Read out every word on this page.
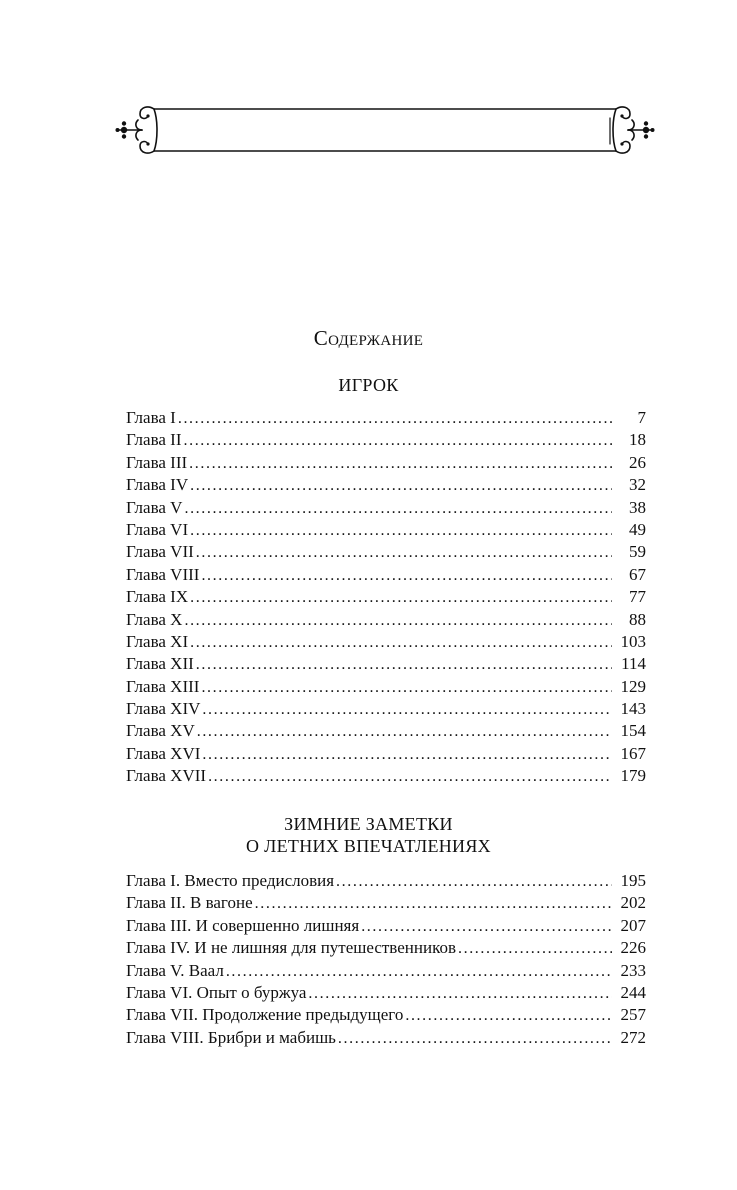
Содержание
ИГРОК
Глава I . . .	7
Глава II . . .	18
Глава III . . .	26
Глава IV . . .	32
Глава V . . .	38
Глава VI . . .	49
Глава VII . . .	59
Глава VIII . . .	67
Глава IX . . .	77
Глава X . . .	88
Глава XI . . .	103
Глава XII . . .	114
Глава XIII . . .	129
Глава XIV . . .	143
Глава XV . . .	154
Глава XVI . . .	167
Глава XVII . . .	179
ЗИМНИЕ ЗАМЕТКИ
О ЛЕТНИХ ВПЕЧАТЛЕНИЯХ
Глава I. Вместо предисловия . . .	195
Глава II. В вагоне . . .	202
Глава III. И совершенно лишняя . . .	207
Глава IV. И не лишняя для путешественников . . .	226
Глава V. Ваал . . .	233
Глава VI. Опыт о буржуа . . .	244
Глава VII. Продолжение предыдущего . . .	257
Глава VIII. Брибри и мабишь . . .	272
